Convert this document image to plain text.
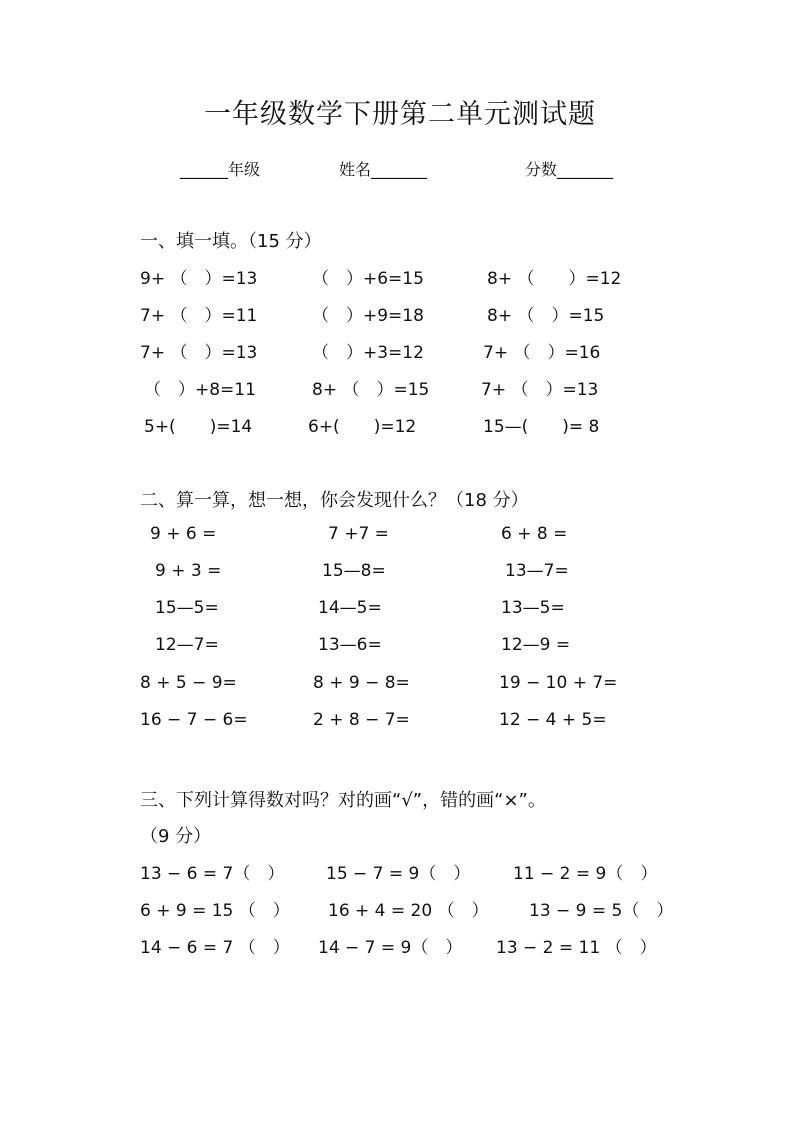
一年级数学下册第二单元测试题
______年级	姓名_______	分数_______
一、填一填。（15 分）
9+ （　）=13	（　）+6=15	8+ （　　）=12
7+ （　）=11	（　）+9=18	8+ （　）=15
7+ （　）=13	（　）+3=12	7+ （　）=16
（　）+8=11	8+ （　）=15	7+ （　）=13
5+(　　)=14	6+(　　)=12	15—(　　)= 8
二、算一算，想一想，你会发现什么？（18 分）
9 + 6 =	7 +7 =	6 + 8 =
9 + 3 =	15—8=	13—7=
15—5=	14—5=	13—5=
12—7=	13—6=	12—9 =
8 + 5 − 9=	8 + 9 − 8=	19 − 10 + 7=
16 − 7 − 6=	2 + 8 − 7=	12 − 4 + 5=
三、下列计算得数对吗？对的画“√”，错的画“×”。
（9 分）
13 − 6 = 7（　） 15 − 7 = 9（　）	11 − 2 = 9（　）
6 + 9 = 15 （　） 16 + 4 = 20 （　） 13 − 9 = 5（　）
14 − 6 = 7 （　） 14 − 7 = 9（　） 13 − 2 = 11 （　）
